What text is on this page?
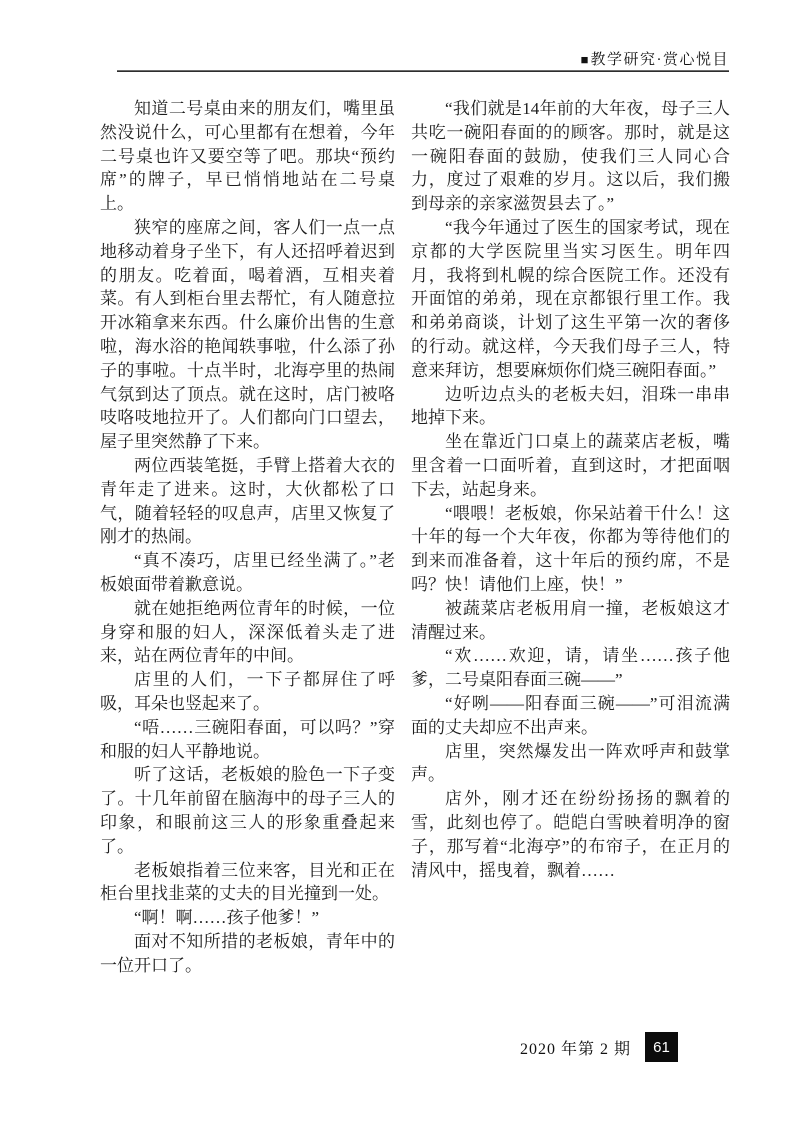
■ 教学研究·赏心悦目

知道二号桌由来的朋友们，嘴里虽然没说什么，可心里都有在想着，今年二号桌也许又要空等了吧。那块“预约席”的牌子，早已悄悄地站在二号桌上。

狭窄的座席之间，客人们一点一点地移动着身子坐下，有人还招呼着迟到的朋友。吃着面，喝着酒，互相夹着菜。有人到柜台里去帮忙，有人随意拉开冰箱拿来东西。什么廉价出售的生意啦，海水浴的艳闻轶事啦，什么添了孙子的事啦。十点半时，北海亭里的热闹气氛到达了顶点。就在这时，店门被咯吱咯吱地拉开了。人们都向门口望去，屋子里突然静了下来。

两位西装笔挺，手臂上搭着大衣的青年走了进来。这时，大伙都松了口气，随着轻轻的叹息声，店里又恢复了刚才的热闹。

“真不凑巧，店里已经坐满了。”老板娘面带着歉意说。

就在她拒绝两位青年的时候，一位身穿和服的妇人，深深低着头走了进来，站在两位青年的中间。

店里的人们，一下子都屏住了呼吸，耳朵也竖起来了。

“唔……三碗阳春面，可以吗？”穿和服的妇人平静地说。

听了这话，老板娘的脸色一下子变了。十几年前留在脑海中的母子三人的印象，和眼前这三人的形象重叠起来了。

老板娘指着三位来客，目光和正在柜台里找韭菜的丈夫的目光撞到一处。

“啊！啊……孩子他爹！”

面对不知所措的老板娘，青年中的一位开口了。

“我们就是14年前的大年夜，母子三人共吃一碗阳春面的的顾客。那时，就是这一碗阳春面的鼓励，使我们三人同心合力，度过了艰难的岁月。这以后，我们搬到母亲的亲家滋贺县去了。”

“我今年通过了医生的国家考试，现在京都的大学医院里当实习医生。明年四月，我将到札幌的综合医院工作。还没有开面馆的弟弟，现在京都银行里工作。我和弟弟商谈，计划了这生平第一次的奢侈的行动。就这样，今天我们母子三人，特意来拜访，想要麻烦你们烧三碗阳春面。”

边听边点头的老板夫妇，泪珠一串串地掉下来。

坐在靠近门口桌上的蔬菜店老板，嘴里含着一口面听着，直到这时，才把面咽下去，站起身来。

“喂喂！老板娘，你呆站着干什么！这十年的每一个大年夜，你都为等待他们的到来而准备着，这十年后的预约席，不是吗？快！请他们上座，快！”

被蔬菜店老板用肩一撞，老板娘这才清醒过来。

“欢……欢迎，请，请坐……孩子他爹，二号桌阳春面三碗——”

“好咧——阳春面三碗——”可泪流满面的丈夫却应不出声来。

店里，突然爆发出一阵欢呼声和鼓掌声。

店外，刚才还在纷纷扬扬的飘着的雪，此刻也停了。皑皑白雪映着明净的窗子，那写着“北海亭”的布帘子，在正月的清风中，摇曳着，飘着……

2020 年第 2 期	61
